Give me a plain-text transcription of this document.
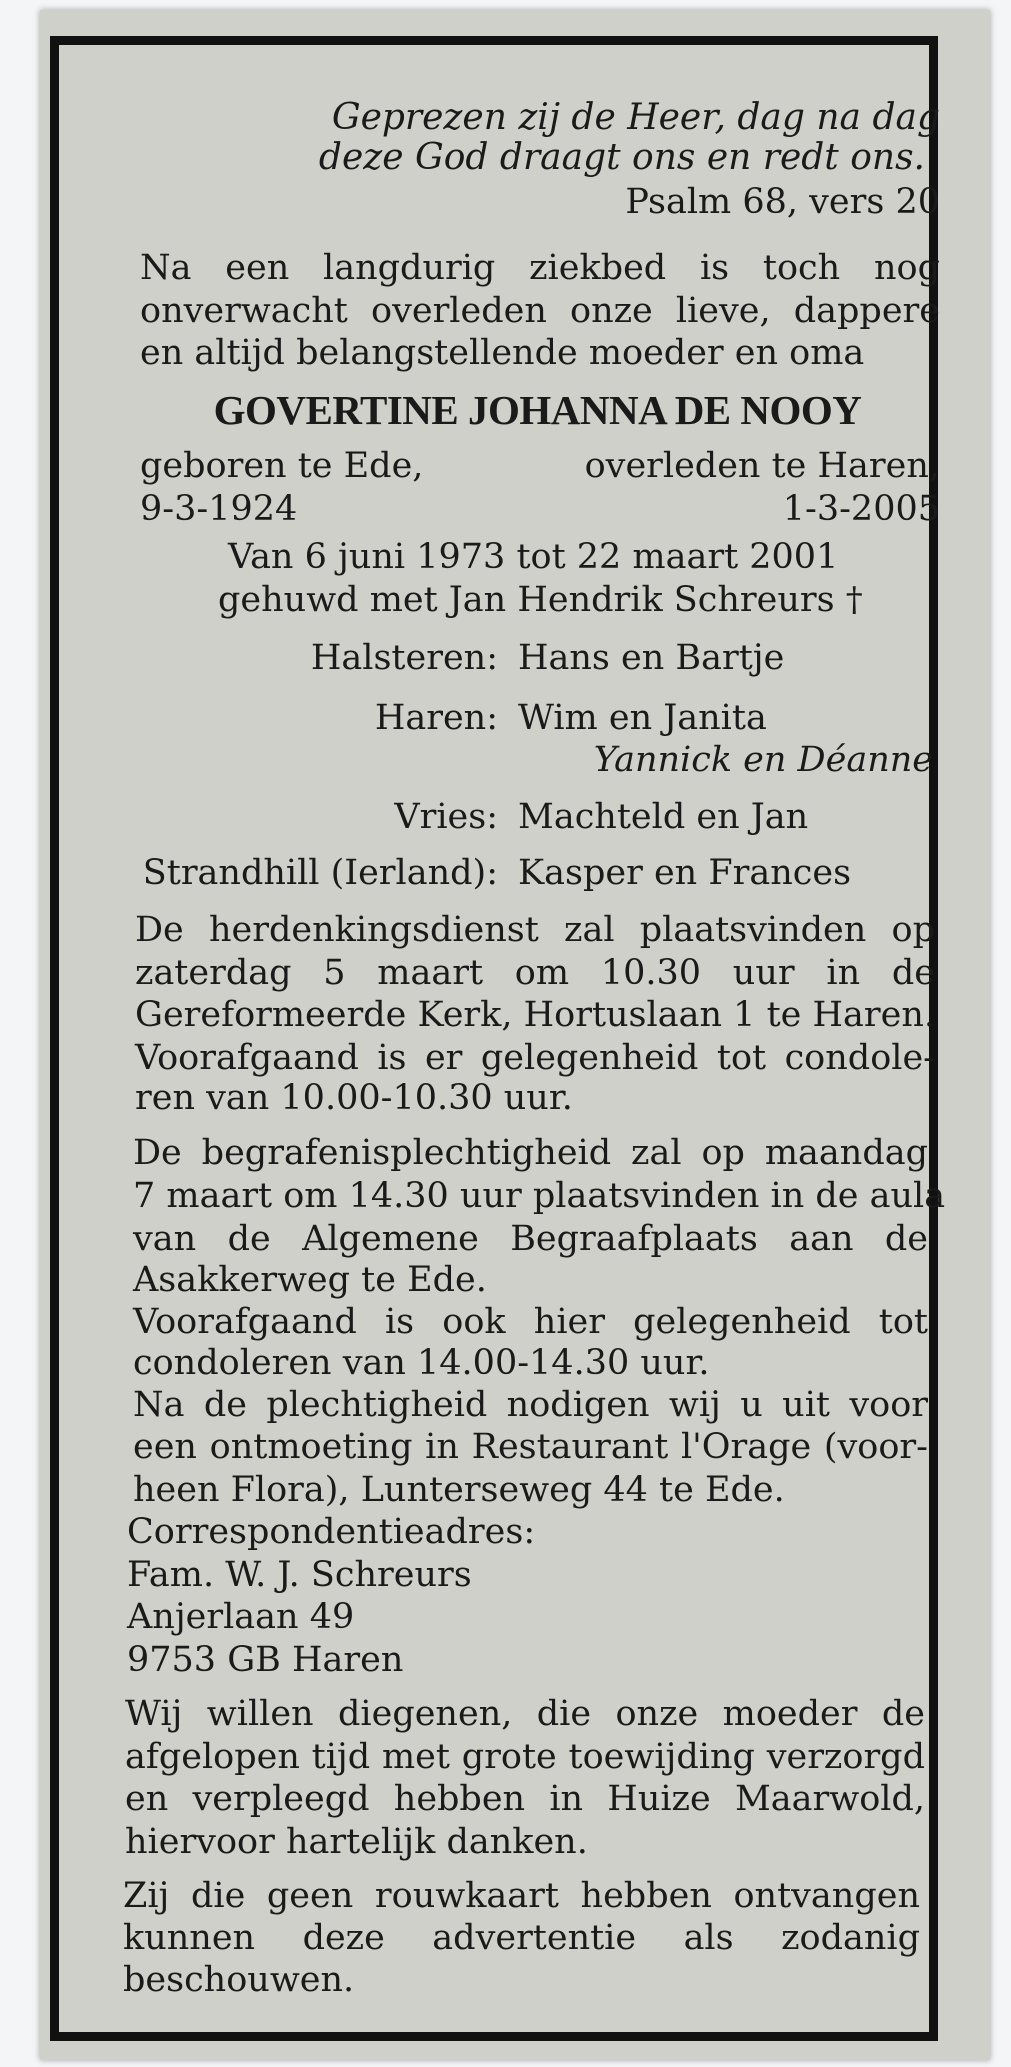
Geprezen zij de Heer, dag na dag
deze God draagt ons en redt ons.
Psalm 68, vers 20
Na een langdurig ziekbed is toch nog
onverwacht overleden onze lieve, dappere
en altijd belangstellende moeder en oma
GOVERTINE JOHANNA DE NOOY
geboren te Ede,	overleden te Haren,
9-3-1924	1-3-2005
Van 6 juni 1973 tot 22 maart 2001
gehuwd met Jan Hendrik Schreurs †
Halsteren: Hans en Bartje
Haren: Wim en Janita
Yannick en Déanne
Vries: Machteld en Jan
Strandhill (Ierland): Kasper en Frances
De herdenkingsdienst zal plaatsvinden op
zaterdag 5 maart om 10.30 uur in de
Gereformeerde Kerk, Hortuslaan 1 te Haren.
Voorafgaand is er gelegenheid tot condole-
ren van 10.00-10.30 uur.
De begrafenisplechtigheid zal op maandag
7 maart om 14.30 uur plaatsvinden in de aula
van de Algemene Begraafplaats aan de
Asakkerweg te Ede.
Voorafgaand is ook hier gelegenheid tot
condoleren van 14.00-14.30 uur.
Na de plechtigheid nodigen wij u uit voor
een ontmoeting in Restaurant l'Orage (voor-
heen Flora), Lunterseweg 44 te Ede.
Correspondentieadres:
Fam. W. J. Schreurs
Anjerlaan 49
9753 GB Haren
Wij willen diegenen, die onze moeder de
afgelopen tijd met grote toewijding verzorgd
en verpleegd hebben in Huize Maarwold,
hiervoor hartelijk danken.
Zij die geen rouwkaart hebben ontvangen
kunnen deze advertentie als zodanig
beschouwen.
